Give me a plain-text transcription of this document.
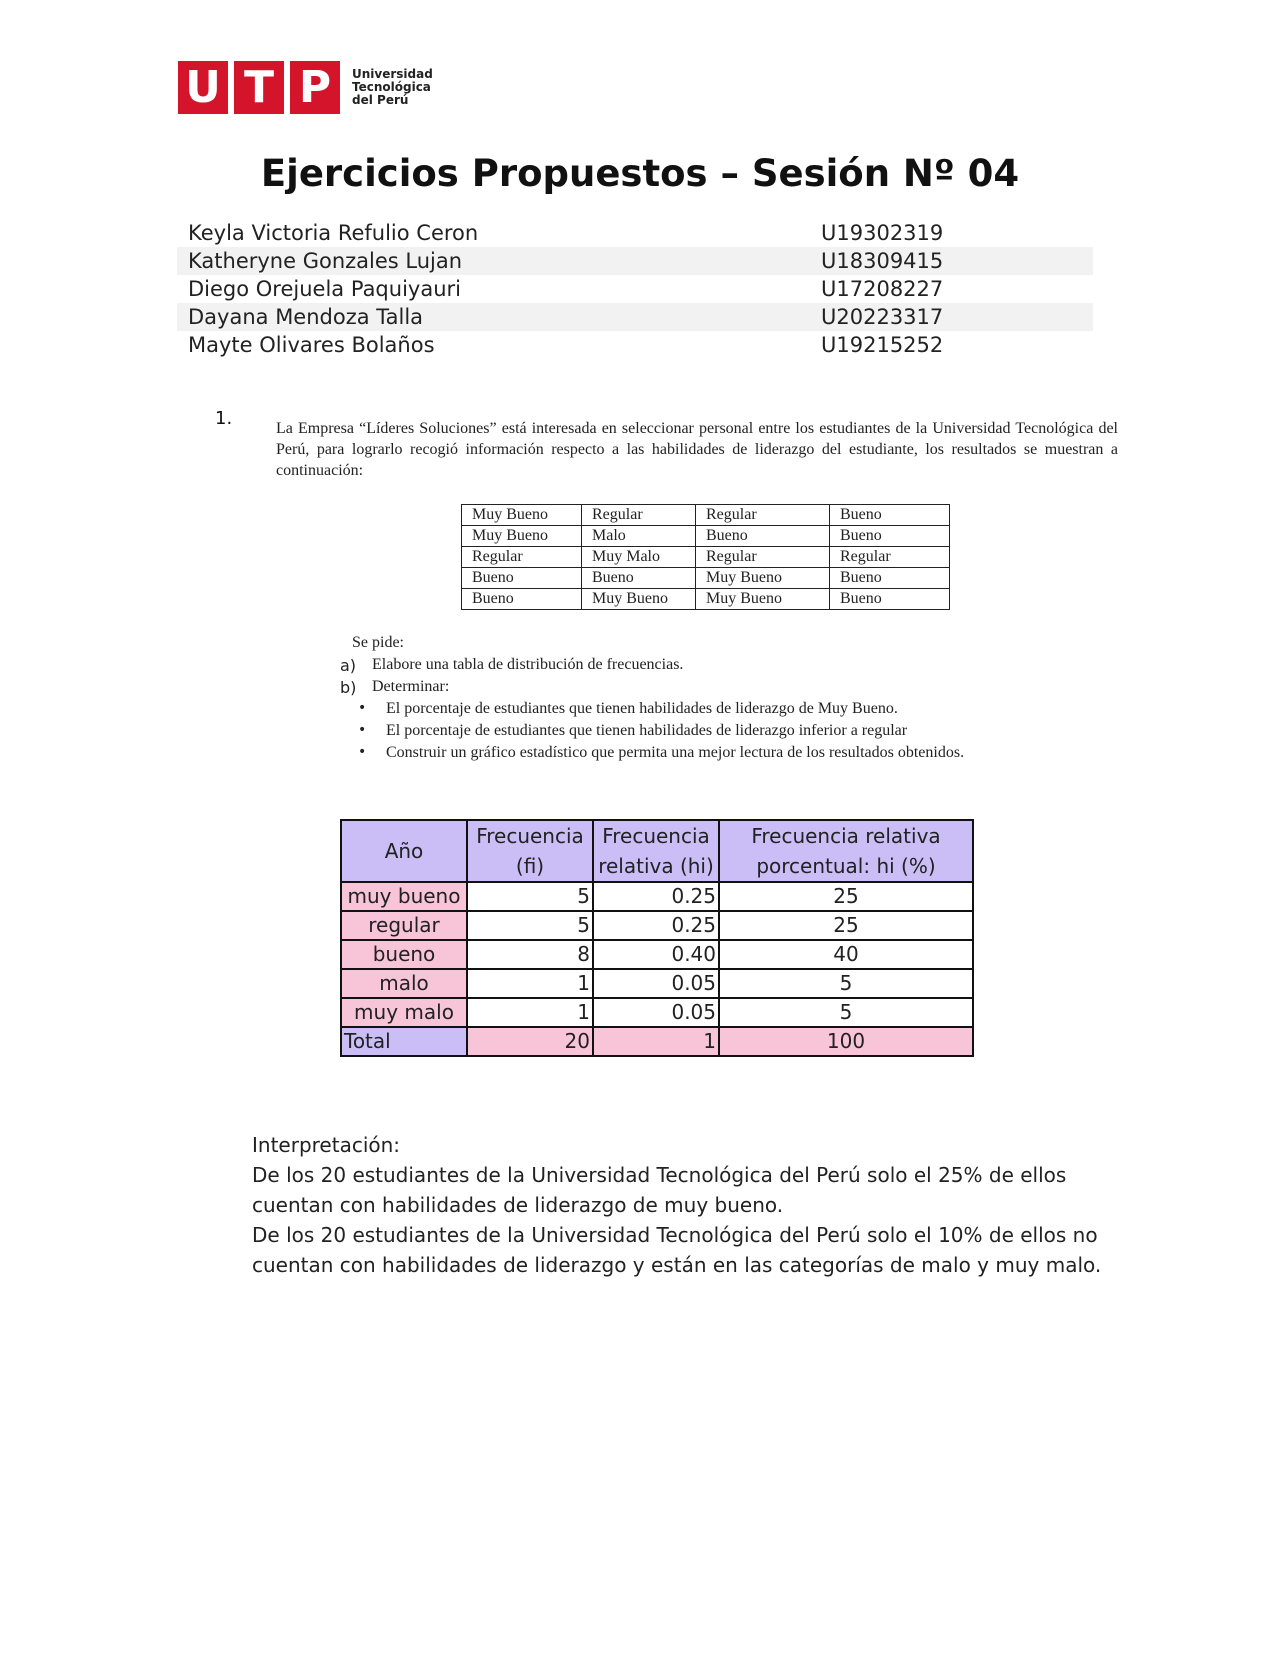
U T P	Universidad
Tecnológica
del Perú
Ejercicios Propuestos – Sesión Nº 04
Keyla Victoria Refulio Ceron	U19302319
Katheryne Gonzales Lujan	U18309415
Diego Orejuela Paquiyauri	U17208227
Dayana Mendoza Talla	U20223317
Mayte Olivares Bolaños	U19215252
1.	La Empresa “Líderes Soluciones” está interesada en seleccionar personal entre los estudiantes de la Universidad Tecnológica del Perú, para lograrlo recogió información respecto a las habilidades de liderazgo del estudiante, los resultados se muestran a continuación:
Muy Bueno	Regular	Regular	Bueno
Muy Bueno	Malo	Bueno	Bueno
Regular	Muy Malo	Regular	Regular
Bueno	Bueno	Muy Bueno	Bueno
Bueno	Muy Bueno	Muy Bueno	Bueno
Se pide:
a) Elabore una tabla de distribución de frecuencias.
b) Determinar:
• El porcentaje de estudiantes que tienen habilidades de liderazgo de Muy Bueno.
• El porcentaje de estudiantes que tienen habilidades de liderazgo inferior a regular
• Construir un gráfico estadístico que permita una mejor lectura de los resultados obtenidos.
Año	Frecuencia (fi)	Frecuencia relativa (hi)	Frecuencia relativa porcentual: hi (%)
muy bueno	5	0.25	25
regular	5	0.25	25
bueno	8	0.40	40
malo	1	0.05	5
muy malo	1	0.05	5
Total	20	1	100

Interpretación:

De los 20 estudiantes de la Universidad Tecnológica del Perú solo el 25% de ellos cuentan con habilidades de liderazgo de muy bueno.

De los 20 estudiantes de la Universidad Tecnológica del Perú solo el 10% de ellos no cuentan con habilidades de liderazgo y están en las categorías de malo y muy malo.
